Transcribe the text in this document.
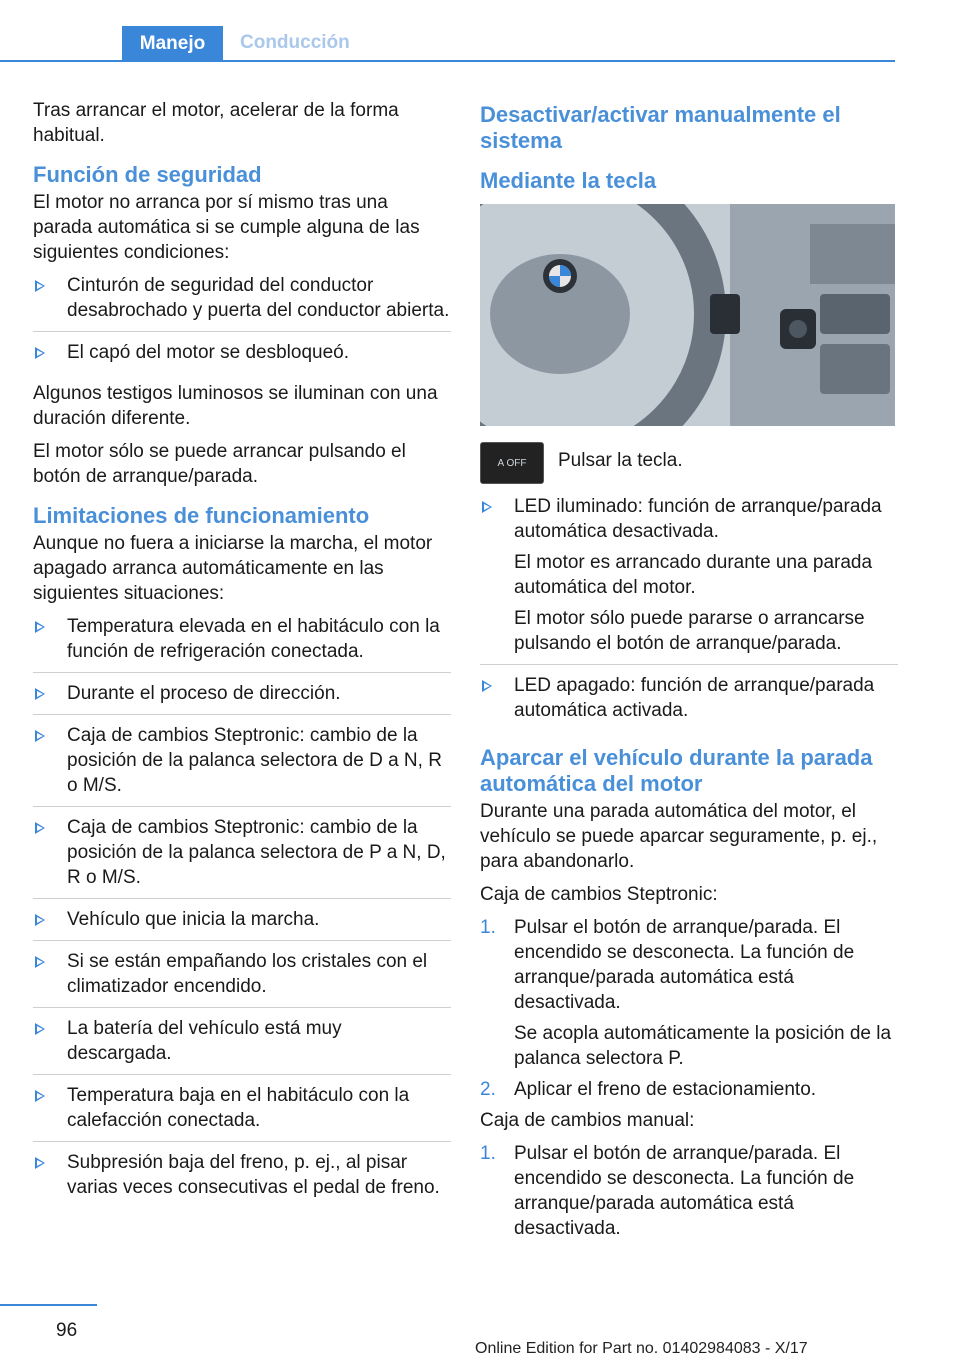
Manejo	Conducción

Tras arrancar el motor, acelerar de la forma habitual.

Función de seguridad

El motor no arranca por sí mismo tras una parada automática si se cumple alguna de las siguientes condiciones:

Cinturón de seguridad del conductor desabrochado y puerta del conductor abierta.
El capó del motor se desbloqueó.

Algunos testigos luminosos se iluminan con una duración diferente.

El motor sólo se puede arrancar pulsando el botón de arranque/parada.

Limitaciones de funcionamiento

Aunque no fuera a iniciarse la marcha, el motor apagado arranca automáticamente en las siguientes situaciones:

Temperatura elevada en el habitáculo con la función de refrigeración conectada.
Durante el proceso de dirección.
Caja de cambios Steptronic: cambio de la posición de la palanca selectora de D a N, R o M/S.
Caja de cambios Steptronic: cambio de la posición de la palanca selectora de P a N, D, R o M/S.
Vehículo que inicia la marcha.
Si se están empañando los cristales con el climatizador encendido.
La batería del vehículo está muy descargada.
Temperatura baja en el habitáculo con la calefacción conectada.
Subpresión baja del freno, p. ej., al pisar varias veces consecutivas el pedal de freno.
Desactivar/activar manualmente el sistema
Mediante la tecla
A OFF Pulsar la tecla.

LED iluminado: función de arranque/parada automática desactivada.
El motor es arrancado durante una parada automática del motor.
El motor sólo puede pararse o arrancarse pulsando el botón de arranque/parada.
LED apagado: función de arranque/parada automática activada.
Aparcar el vehículo durante la parada automática del motor

Durante una parada automática del motor, el vehículo se puede aparcar seguramente, p. ej., para abandonarlo.

Caja de cambios Steptronic:

1. Pulsar el botón de arranque/parada. El encendido se desconecta. La función de arranque/parada automática está desactivada.
Se acopla automáticamente la posición de la palanca selectora P.
2. Aplicar el freno de estacionamiento.

Caja de cambios manual:

1. Pulsar el botón de arranque/parada. El encendido se desconecta. La función de arranque/parada automática está desactivada.
96
Online Edition for Part no. 01402984083 - X/17
